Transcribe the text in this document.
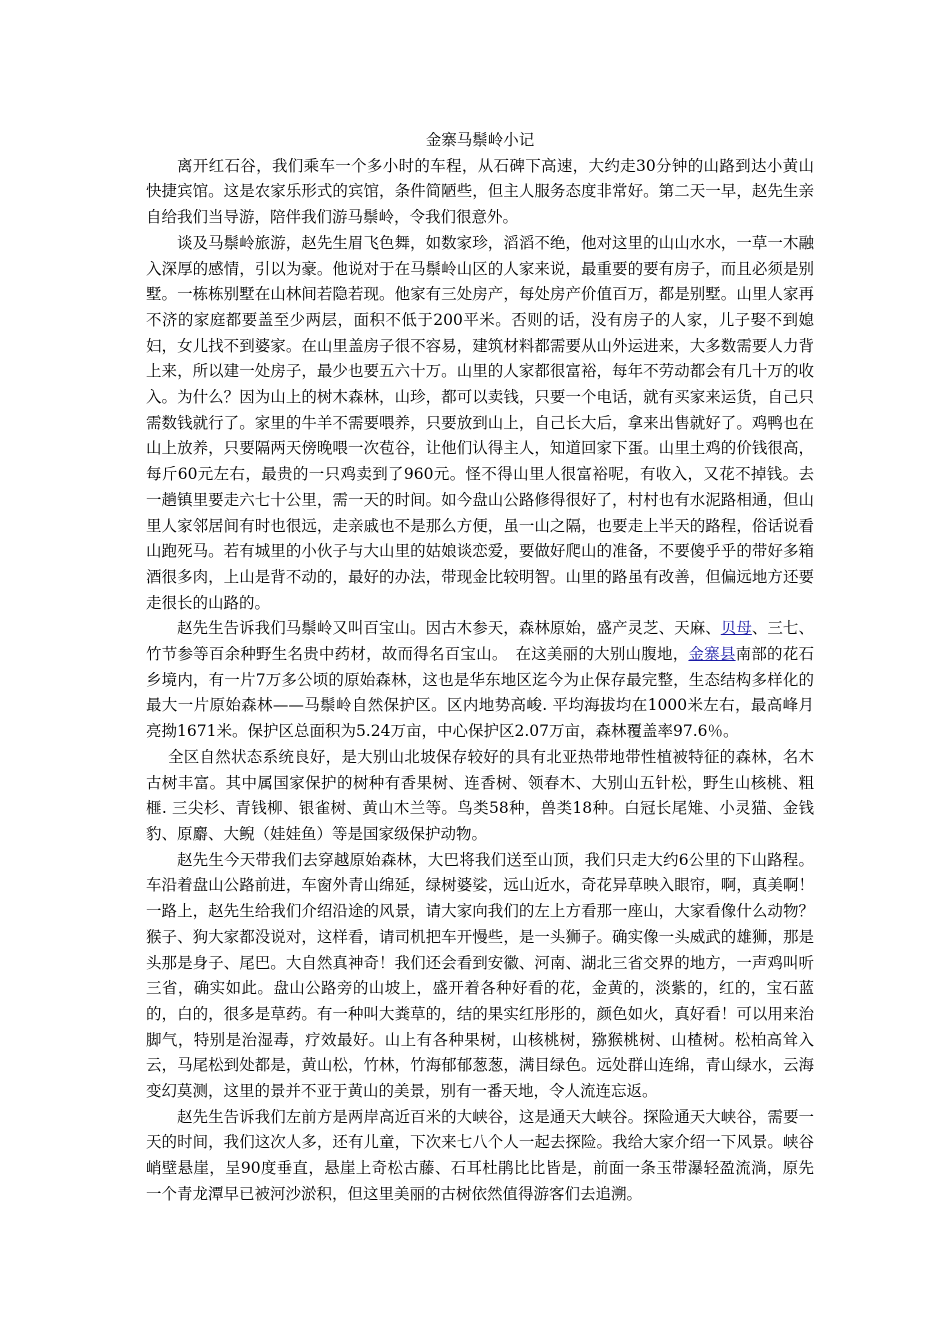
金寨马鬃岭小记

离开红石谷，我们乘车一个多小时的车程，从石碑下高速，大约走30分钟的山路到达小黄山快捷宾馆。这是农家乐形式的宾馆，条件简陋些，但主人服务态度非常好。第二天一早，赵先生亲自给我们当导游，陪伴我们游马鬃岭，令我们很意外。

谈及马鬃岭旅游，赵先生眉飞色舞，如数家珍，滔滔不绝，他对这里的山山水水，一草一木融入深厚的感情，引以为豪。他说对于在马鬃岭山区的人家来说，最重要的要有房子，而且必须是别墅。一栋栋别墅在山林间若隐若现。他家有三处房产，每处房产价值百万，都是别墅。山里人家再不济的家庭都要盖至少两层，面积不低于200平米。否则的话，没有房子的人家，儿子娶不到媳妇，女儿找不到婆家。在山里盖房子很不容易，建筑材料都需要从山外运进来，大多数需要人力背上来，所以建一处房子，最少也要五六十万。山里的人家都很富裕，每年不劳动都会有几十万的收入。为什么？因为山上的树木森林，山珍，都可以卖钱，只要一个电话，就有买家来运货，自己只需数钱就行了。家里的牛羊不需要喂养，只要放到山上，自己长大后，拿来出售就好了。鸡鸭也在山上放养，只要隔两天傍晚喂一次苞谷，让他们认得主人，知道回家下蛋。山里土鸡的价钱很高，每斤60元左右，最贵的一只鸡卖到了960元。怪不得山里人很富裕呢，有收入，又花不掉钱。去一趟镇里要走六七十公里，需一天的时间。如今盘山公路修得很好了，村村也有水泥路相通，但山里人家邻居间有时也很远，走亲戚也不是那么方便，虽一山之隔，也要走上半天的路程，俗话说看山跑死马。若有城里的小伙子与大山里的姑娘谈恋爱，要做好爬山的准备，不要傻乎乎的带好多箱酒很多肉，上山是背不动的，最好的办法，带现金比较明智。山里的路虽有改善，但偏远地方还要走很长的山路的。

赵先生告诉我们马鬃岭又叫百宝山。因古木参天，森林原始，盛产灵芝、天麻、贝母、三七、竹节参等百余种野生名贵中药材，故而得名百宝山。　在这美丽的大别山腹地，金寨县南部的花石乡境内，有一片7万多公顷的原始森林，这也是华东地区迄今为止保存最完整，生态结构多样化的最大一片原始森林——马鬃岭自然保护区。区内地势高峻. 平均海拔均在1000米左右，最高峰月亮拗1671米。保护区总面积为5.24万亩，中心保护区2.07万亩，森林覆盖率97.6％。

全区自然状态系统良好，是大别山北坡保存较好的具有北亚热带地带性植被特征的森林，名木古树丰富。其中属国家保护的树种有香果树、连香树、领春木、大别山五针松，野生山核桃、粗榧. 三尖杉、青钱柳、银雀树、黄山木兰等。鸟类58种，兽类18种。白冠长尾雉、小灵猫、金钱豹、原麝、大鲵（娃娃鱼）等是国家级保护动物。

赵先生今天带我们去穿越原始森林，大巴将我们送至山顶，我们只走大约6公里的下山路程。车沿着盘山公路前进，车窗外青山绵延，绿树婆娑，远山近水，奇花异草映入眼帘，啊，真美啊！一路上，赵先生给我们介绍沿途的风景，请大家向我们的左上方看那一座山，大家看像什么动物？猴子、狗大家都没说对，这样看，请司机把车开慢些，是一头狮子。确实像一头威武的雄狮，那是头那是身子、尾巴。大自然真神奇！我们还会看到安徽、河南、湖北三省交界的地方，一声鸡叫听三省，确实如此。盘山公路旁的山坡上，盛开着各种好看的花，金黄的，淡紫的，红的，宝石蓝的，白的，很多是草药。有一种叫大粪草的，结的果实红彤彤的，颜色如火，真好看！可以用来治脚气，特别是治湿毒，疗效最好。山上有各种果树，山核桃树，猕猴桃树、山楂树。松柏高耸入云，马尾松到处都是，黄山松，竹林，竹海郁郁葱葱，满目绿色。远处群山连绵，青山绿水，云海变幻莫测，这里的景并不亚于黄山的美景，别有一番天地，令人流连忘返。

赵先生告诉我们左前方是两岸高近百米的大峡谷，这是通天大峡谷。探险通天大峡谷，需要一天的时间，我们这次人多，还有儿童，下次来七八个人一起去探险。我给大家介绍一下风景。峡谷峭壁悬崖，呈90度垂直，悬崖上奇松古藤、石耳杜鹃比比皆是，前面一条玉带瀑轻盈流淌，原先一个青龙潭早已被河沙淤积，但这里美丽的古树依然值得游客们去追溯。
